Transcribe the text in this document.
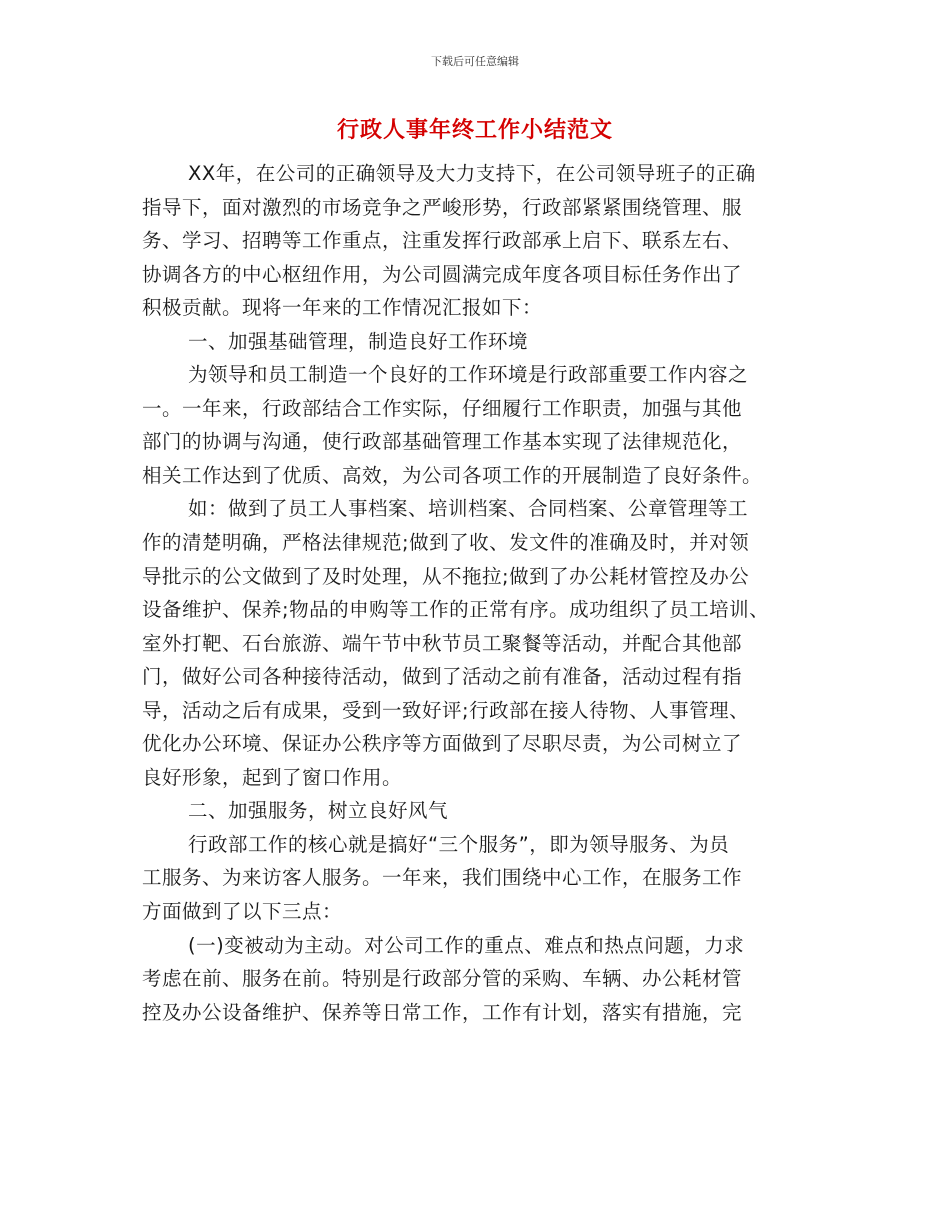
下载后可任意编辑
行政人事年终工作小结范文
XX年，在公司的正确领导及大力支持下，在公司领导班子的正确
指导下，面对激烈的市场竞争之严峻形势，行政部紧紧围绕管理、服
务、学习、招聘等工作重点，注重发挥行政部承上启下、联系左右、
协调各方的中心枢纽作用，为公司圆满完成年度各项目标任务作出了
积极贡献。现将一年来的工作情况汇报如下：
一、加强基础管理，制造良好工作环境
为领导和员工制造一个良好的工作环境是行政部重要工作内容之
一。一年来，行政部结合工作实际，仔细履行工作职责，加强与其他
部门的协调与沟通，使行政部基础管理工作基本实现了法律规范化，
相关工作达到了优质、高效，为公司各项工作的开展制造了良好条件。
如：做到了员工人事档案、培训档案、合同档案、公章管理等工
作的清楚明确，严格法律规范;做到了收、发文件的准确及时，并对领
导批示的公文做到了及时处理，从不拖拉;做到了办公耗材管控及办公
设备维护、保养;物品的申购等工作的正常有序。成功组织了员工培训、
室外打靶、石台旅游、端午节中秋节员工聚餐等活动，并配合其他部
门，做好公司各种接待活动，做到了活动之前有准备，活动过程有指
导，活动之后有成果，受到一致好评;行政部在接人待物、人事管理、
优化办公环境、保证办公秩序等方面做到了尽职尽责，为公司树立了
良好形象，起到了窗口作用。
二、加强服务，树立良好风气
行政部工作的核心就是搞好“三个服务”，即为领导服务、为员
工服务、为来访客人服务。一年来，我们围绕中心工作，在服务工作
方面做到了以下三点：
(一)变被动为主动。对公司工作的重点、难点和热点问题，力求
考虑在前、服务在前。特别是行政部分管的采购、车辆、办公耗材管
控及办公设备维护、保养等日常工作，工作有计划，落实有措施，完
